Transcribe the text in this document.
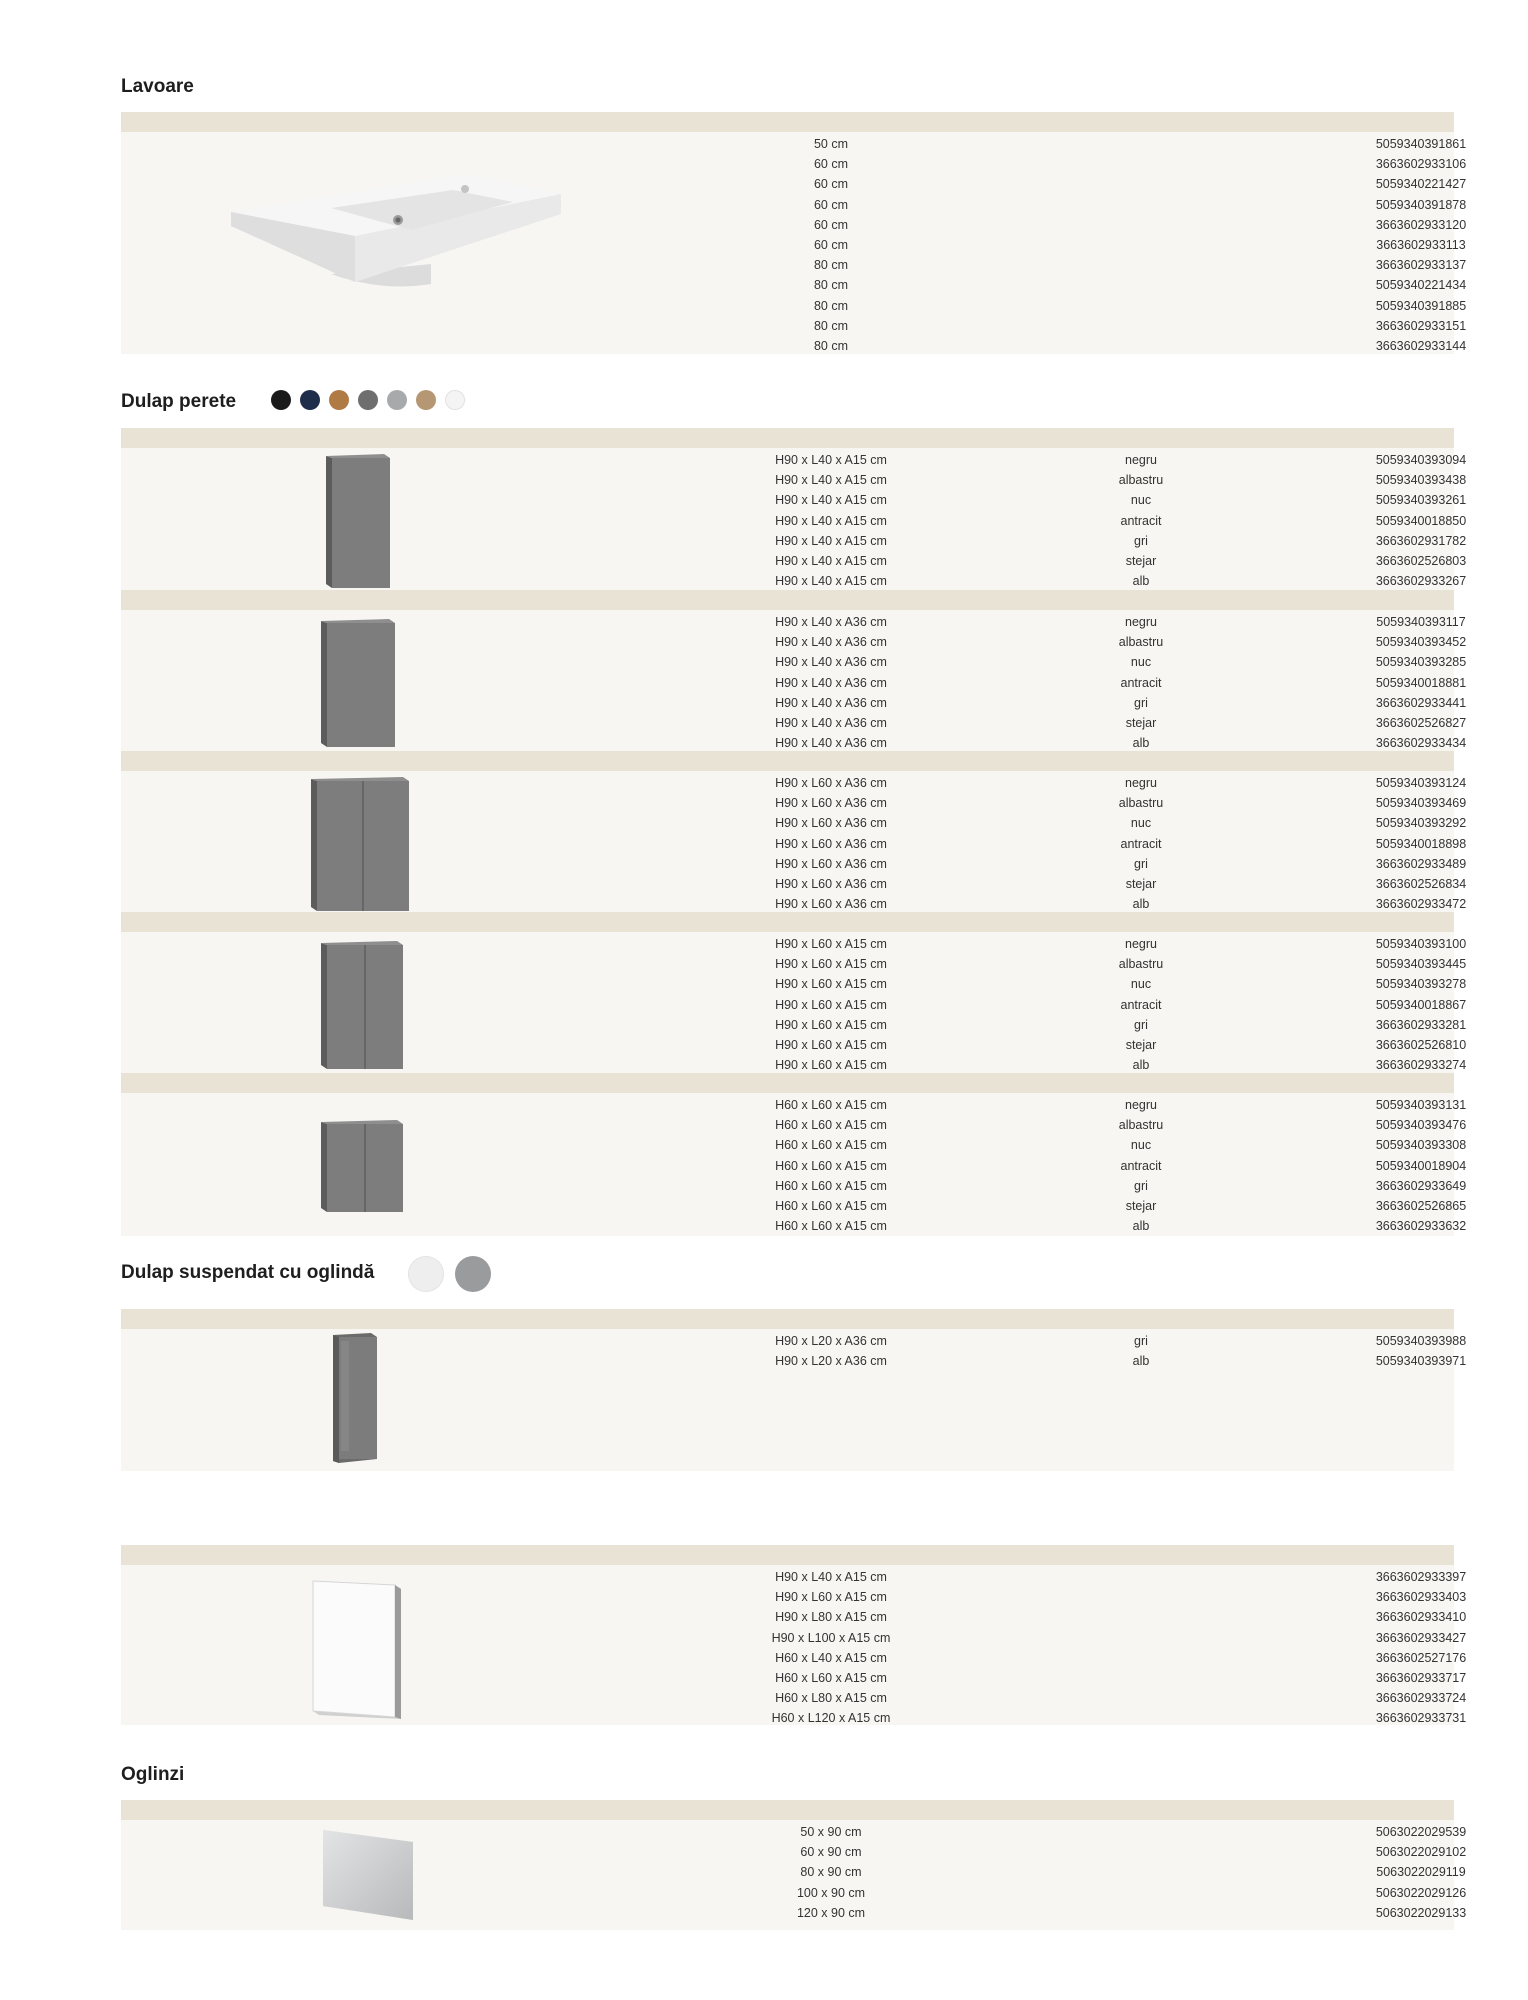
Lavoare
50 cm	5059340391861
60 cm	3663602933106
60 cm	5059340221427
60 cm	5059340391878
60 cm	3663602933120
60 cm	3663602933113
80 cm	3663602933137
80 cm	5059340221434
80 cm	5059340391885
80 cm	3663602933151
80 cm	3663602933144
Dulap perete
H90 x L40 x A15 cm	negru	5059340393094
H90 x L40 x A15 cm	albastru	5059340393438
H90 x L40 x A15 cm	nuc	5059340393261
H90 x L40 x A15 cm	antracit	5059340018850
H90 x L40 x A15 cm	gri	3663602931782
H90 x L40 x A15 cm	stejar	3663602526803
H90 x L40 x A15 cm	alb	3663602933267
H90 x L40 x A36 cm	negru	5059340393117
H90 x L40 x A36 cm	albastru	5059340393452
H90 x L40 x A36 cm	nuc	5059340393285
H90 x L40 x A36 cm	antracit	5059340018881
H90 x L40 x A36 cm	gri	3663602933441
H90 x L40 x A36 cm	stejar	3663602526827
H90 x L40 x A36 cm	alb	3663602933434
H90 x L60 x A36 cm	negru	5059340393124
H90 x L60 x A36 cm	albastru	5059340393469
H90 x L60 x A36 cm	nuc	5059340393292
H90 x L60 x A36 cm	antracit	5059340018898
H90 x L60 x A36 cm	gri	3663602933489
H90 x L60 x A36 cm	stejar	3663602526834
H90 x L60 x A36 cm	alb	3663602933472
H90 x L60 x A15 cm	negru	5059340393100
H90 x L60 x A15 cm	albastru	5059340393445
H90 x L60 x A15 cm	nuc	5059340393278
H90 x L60 x A15 cm	antracit	5059340018867
H90 x L60 x A15 cm	gri	3663602933281
H90 x L60 x A15 cm	stejar	3663602526810
H90 x L60 x A15 cm	alb	3663602933274
H60 x L60 x A15 cm	negru	5059340393131
H60 x L60 x A15 cm	albastru	5059340393476
H60 x L60 x A15 cm	nuc	5059340393308
H60 x L60 x A15 cm	antracit	5059340018904
H60 x L60 x A15 cm	gri	3663602933649
H60 x L60 x A15 cm	stejar	3663602526865
H60 x L60 x A15 cm	alb	3663602933632
Dulap suspendat cu oglindă
H90 x L20 x A36 cm	gri	5059340393988
H90 x L20 x A36 cm	alb	5059340393971
H90 x L40 x A15 cm	3663602933397
H90 x L60 x A15 cm	3663602933403
H90 x L80 x A15 cm	3663602933410
H90 x L100 x A15 cm	3663602933427
H60 x L40 x A15 cm	3663602527176
H60 x L60 x A15 cm	3663602933717
H60 x L80 x A15 cm	3663602933724
H60 x L120 x A15 cm	3663602933731
Oglinzi
50 x 90 cm	5063022029539
60 x 90 cm	5063022029102
80 x 90 cm	5063022029119
100 x 90 cm	5063022029126
120 x 90 cm	5063022029133
